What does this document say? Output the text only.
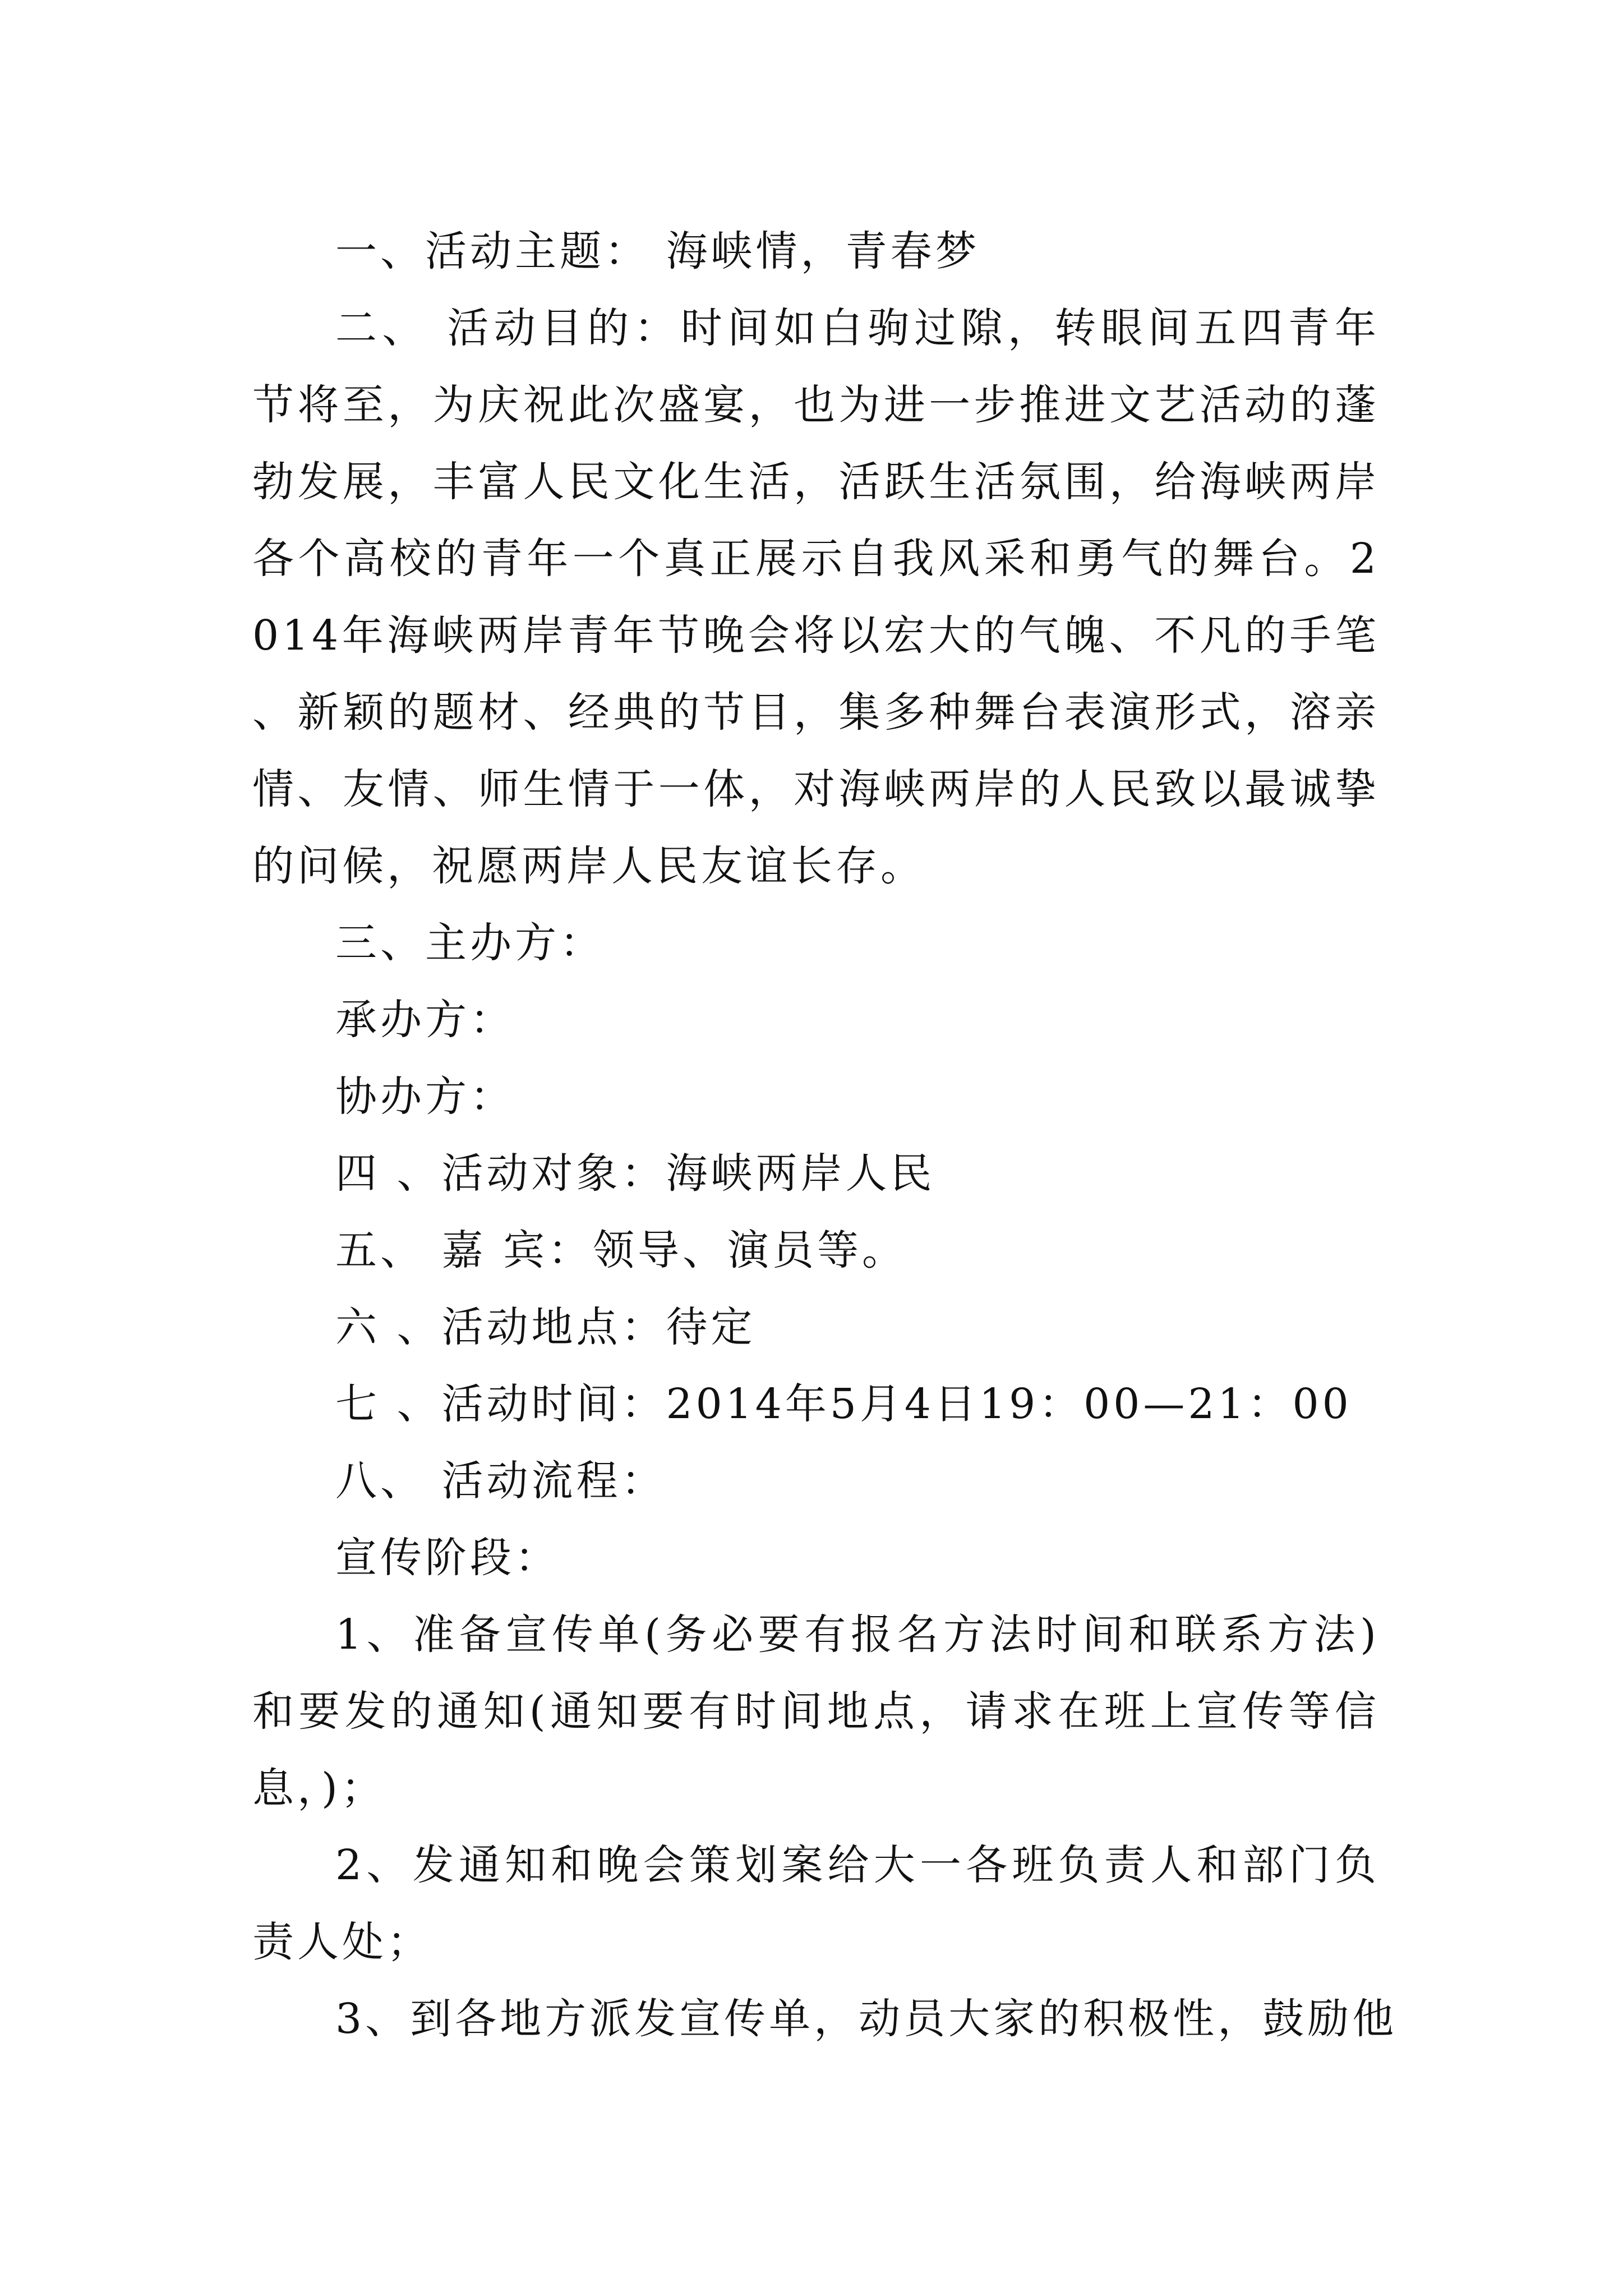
一、活动主题： 海峡情，青春梦

二、 活动目的：时间如白驹过隙，转眼间五四青年节将至，为庆祝此次盛宴，也为进一步推进文艺活动的蓬勃发展，丰富人民文化生活，活跃生活氛围，给海峡两岸各个高校的青年一个真正展示自我风采和勇气的舞台。2014年海峡两岸青年节晚会将以宏大的气魄、不凡的手笔、新颖的题材、经典的节目，集多种舞台表演形式，溶亲情、友情、师生情于一体，对海峡两岸的人民致以最诚挚的问候，祝愿两岸人民友谊长存。

三、主办方：

承办方：

协办方：

四 、活动对象：海峡两岸人民

五、 嘉 宾：领导、演员等。

六 、活动地点：待定

七 、活动时间：2014年5月4日19：00—21：00

八、 活动流程：

宣传阶段：

1、准备宣传单(务必要有报名方法时间和联系方法)和要发的通知(通知要有时间地点，请求在班上宣传等信息，)；

2、发通知和晚会策划案给大一各班负责人和部门负责人处；

3、到各地方派发宣传单，动员大家的积极性，鼓励他
